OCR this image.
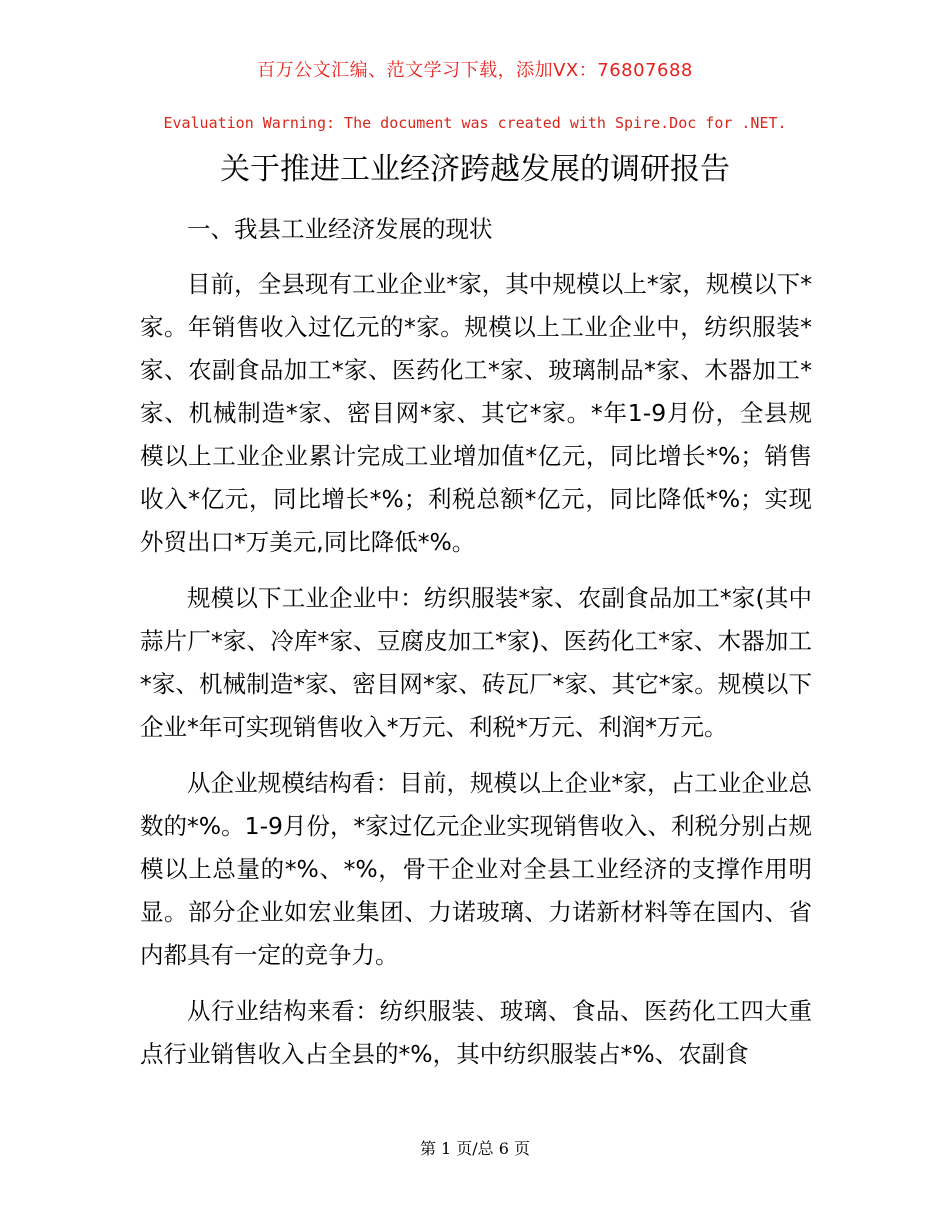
百万公文汇编、范文学习下载，添加VX：76807688
Evaluation Warning: The document was created with Spire.Doc for .NET.
关于推进工业经济跨越发展的调研报告

一、我县工业经济发展的现状

目前，全县现有工业企业*家，其中规模以上*家，规模以下*家。年销售收入过亿元的*家。规模以上工业企业中，纺织服装*家、农副食品加工*家、医药化工*家、玻璃制品*家、木器加工*家、机械制造*家、密目网*家、其它*家。*年1-9月份，全县规模以上工业企业累计完成工业增加值*亿元，同比增长*%；销售收入*亿元，同比增长*%；利税总额*亿元，同比降低*%；实现外贸出口*万美元,同比降低*%。

规模以下工业企业中：纺织服装*家、农副食品加工*家(其中蒜片厂*家、冷库*家、豆腐皮加工*家)、医药化工*家、木器加工*家、机械制造*家、密目网*家、砖瓦厂*家、其它*家。规模以下企业*年可实现销售收入*万元、利税*万元、利润*万元。

从企业规模结构看：目前，规模以上企业*家，占工业企业总数的*%。1-9月份，*家过亿元企业实现销售收入、利税分别占规模以上总量的*%、*%，骨干企业对全县工业经济的支撑作用明显。部分企业如宏业集团、力诺玻璃、力诺新材料等在国内、省内都具有一定的竞争力。

从行业结构来看：纺织服装、玻璃、食品、医药化工四大重点行业销售收入占全县的*%，其中纺织服装占*%、农副食

第 1 页/总 6 页
